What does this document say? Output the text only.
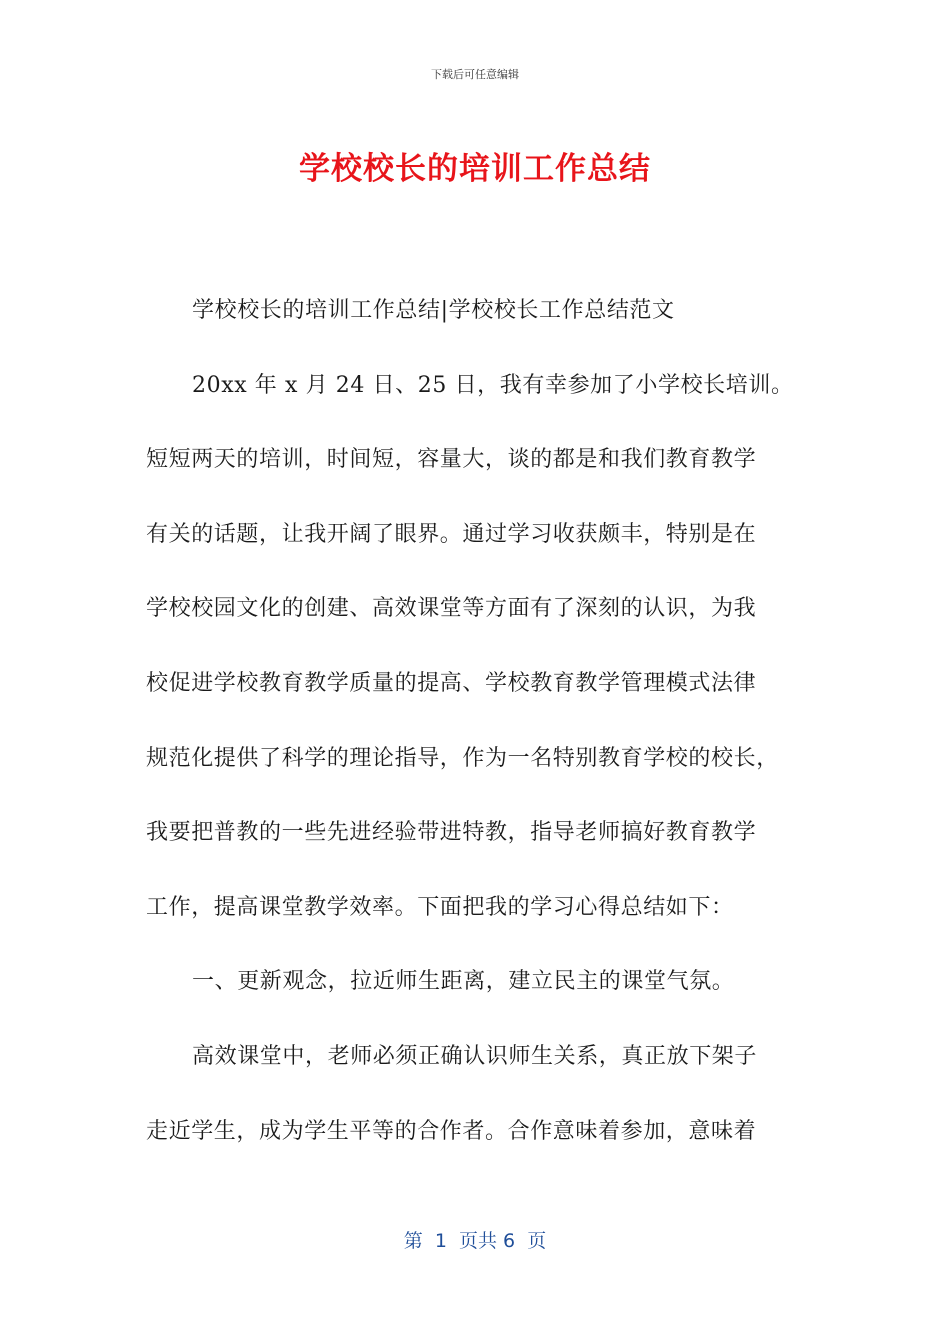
下载后可任意编辑
学校校长的培训工作总结

学校校长的培训工作总结|学校校长工作总结范文

20xx 年 x 月 24 日、25 日，我有幸参加了小学校长培训。
短短两天的培训，时间短，容量大，谈的都是和我们教育教学
有关的话题，让我开阔了眼界。通过学习收获颇丰，特别是在
学校校园文化的创建、高效课堂等方面有了深刻的认识，为我
校促进学校教育教学质量的提高、学校教育教学管理模式法律
规范化提供了科学的理论指导，作为一名特别教育学校的校长，
我要把普教的一些先进经验带进特教，指导老师搞好教育教学
工作，提高课堂教学效率。下面把我的学习心得总结如下：

一、更新观念，拉近师生距离，建立民主的课堂气氛。

高效课堂中，老师必须正确认识师生关系，真正放下架子
走近学生，成为学生平等的合作者。合作意味着参加，意味着

第  1  页共 6  页
